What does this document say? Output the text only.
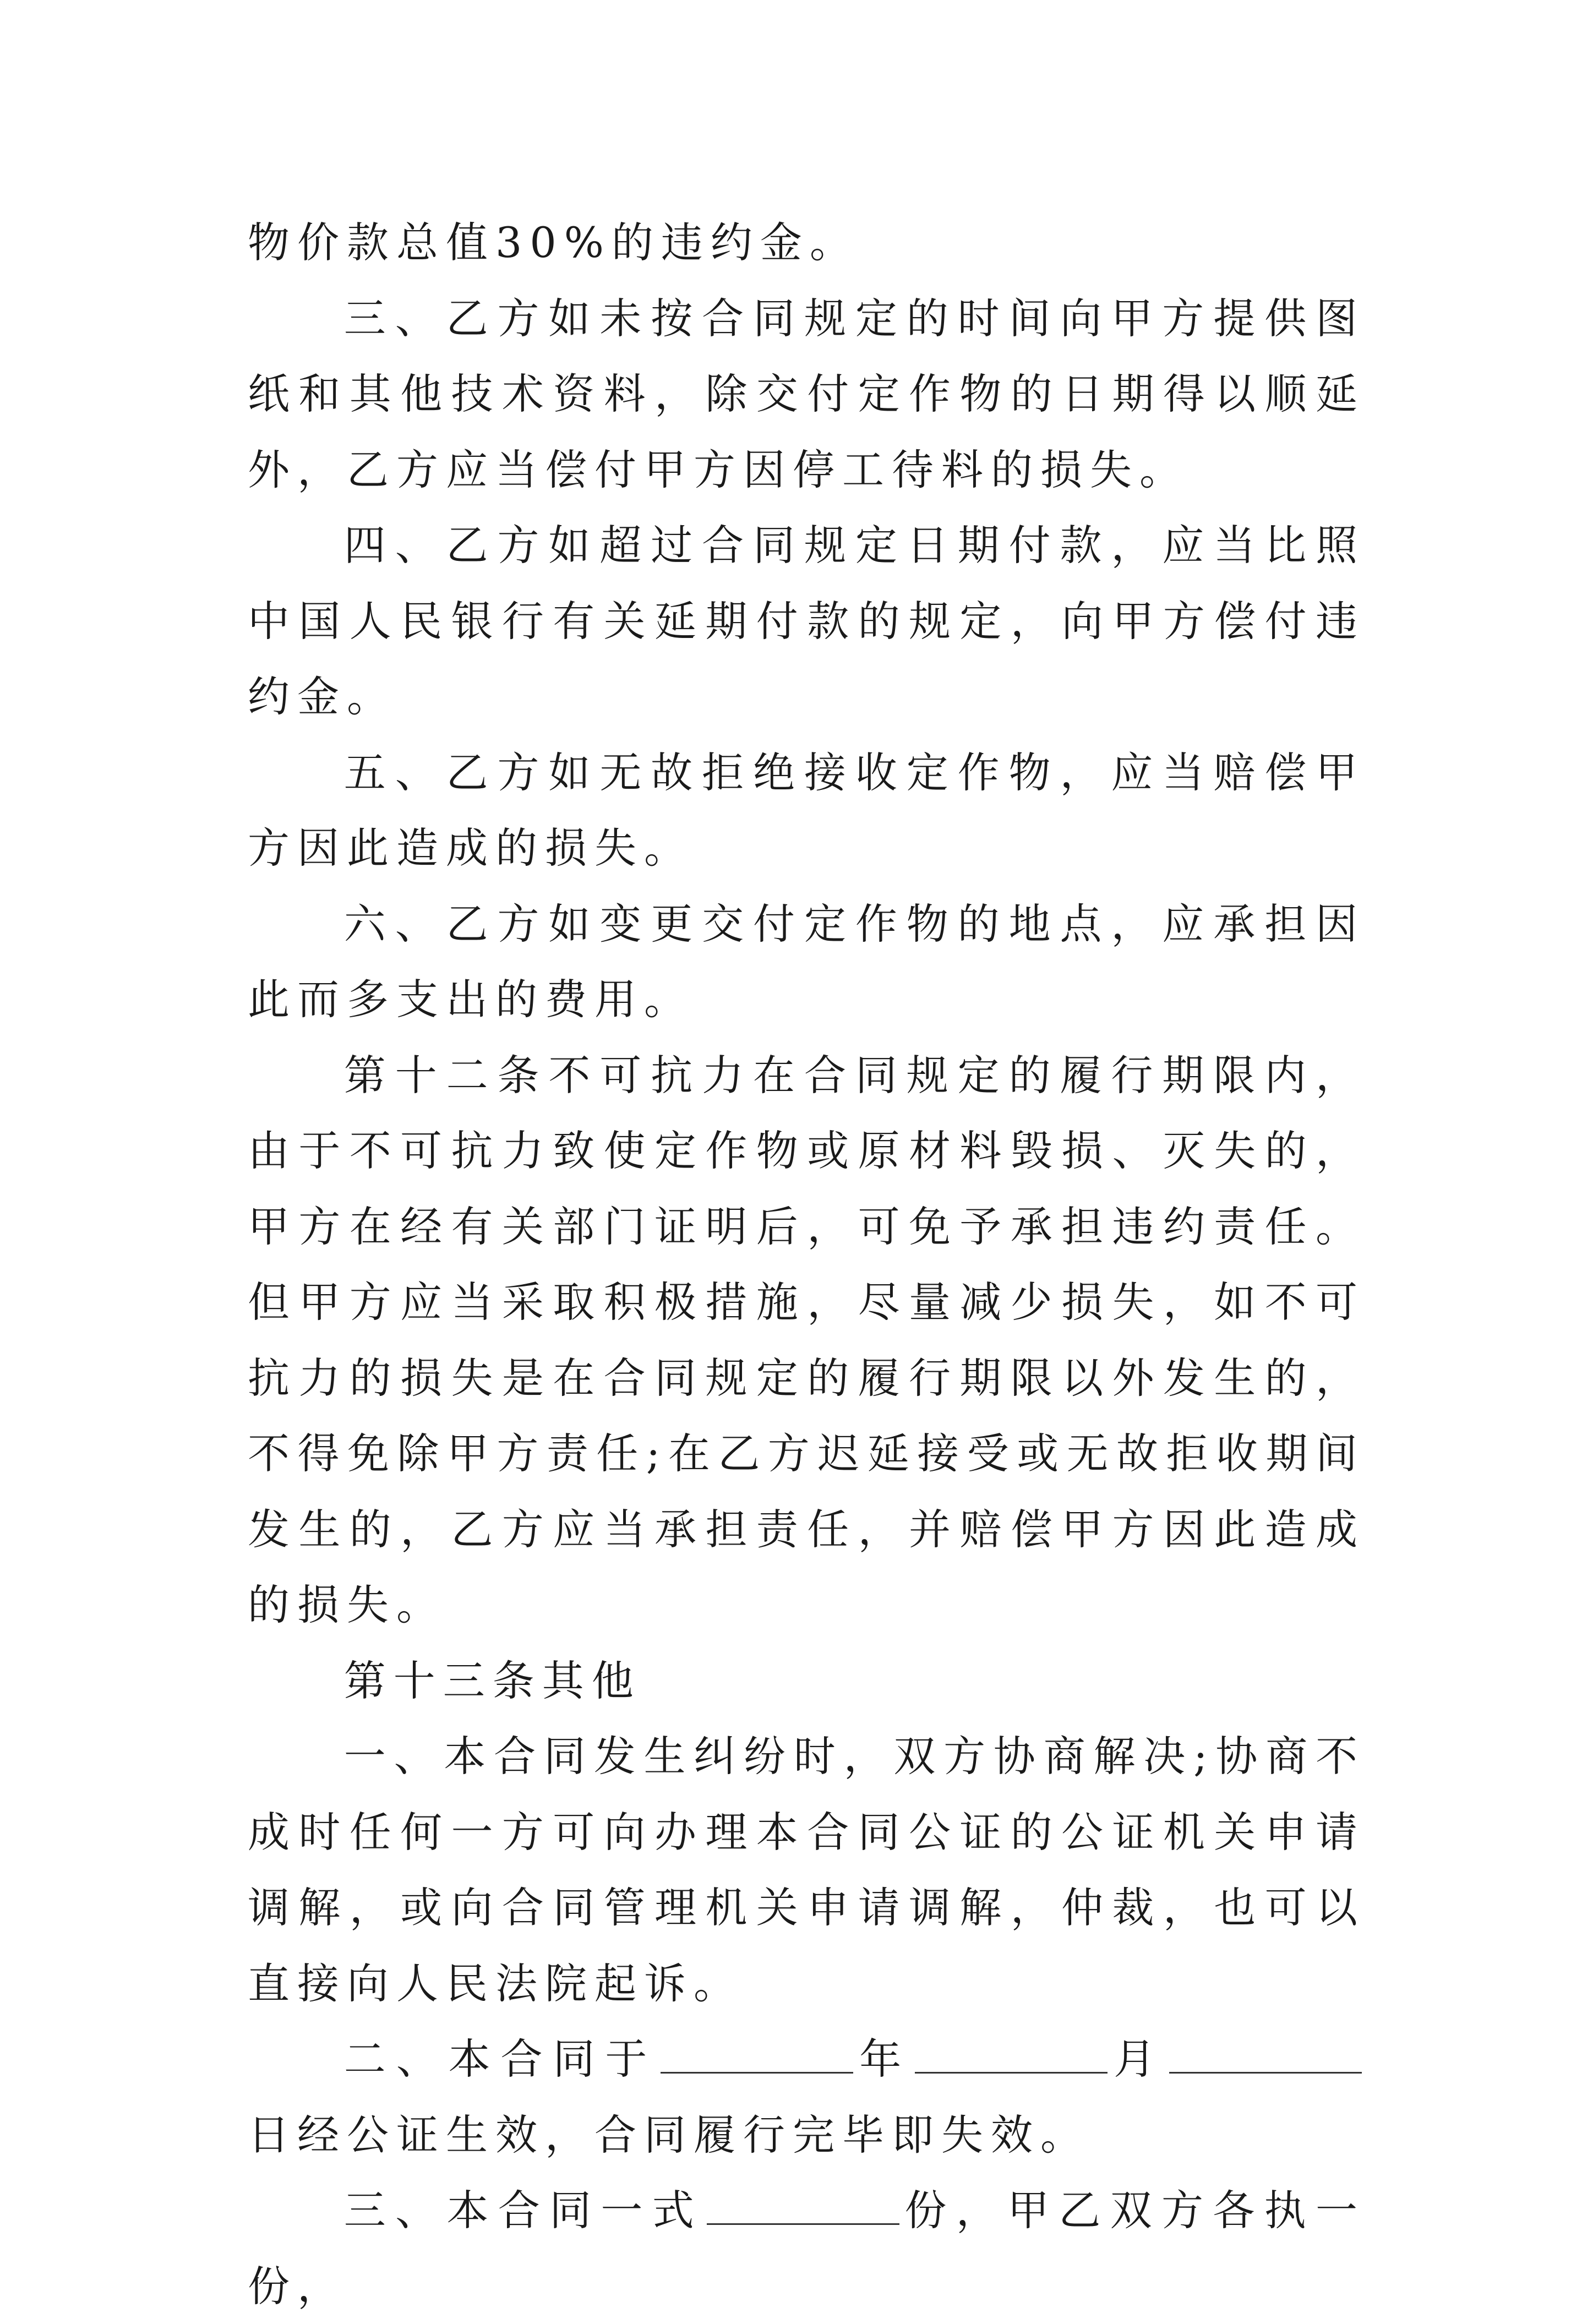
物价款总值30%的违约金。

三、乙方如未按合同规定的时间向甲方提供图纸和其他技术资料，除交付定作物的日期得以顺延外，乙方应当偿付甲方因停工待料的损失。

四、乙方如超过合同规定日期付款，应当比照中国人民银行有关延期付款的规定，向甲方偿付违约金。

五、乙方如无故拒绝接收定作物，应当赔偿甲方因此造成的损失。

六、乙方如变更交付定作物的地点，应承担因此而多支出的费用。

第十二条不可抗力在合同规定的履行期限内，由于不可抗力致使定作物或原材料毁损、灭失的，甲方在经有关部门证明后，可免予承担违约责任。但甲方应当采取积极措施，尽量减少损失，如不可抗力的损失是在合同规定的履行期限以外发生的，不得免除甲方责任;在乙方迟延接受或无故拒收期间发生的，乙方应当承担责任，并赔偿甲方因此造成的损失。

第十三条其他

一、本合同发生纠纷时，双方协商解决;协商不成时任何一方可向办理本合同公证的公证机关申请调解，或向合同管理机关申请调解，仲裁，也可以直接向人民法院起诉。

二、本合同于	年	月日经公证生效，合同履行完毕即失效。

三、本合同一式	份，甲乙双方各执一份，
